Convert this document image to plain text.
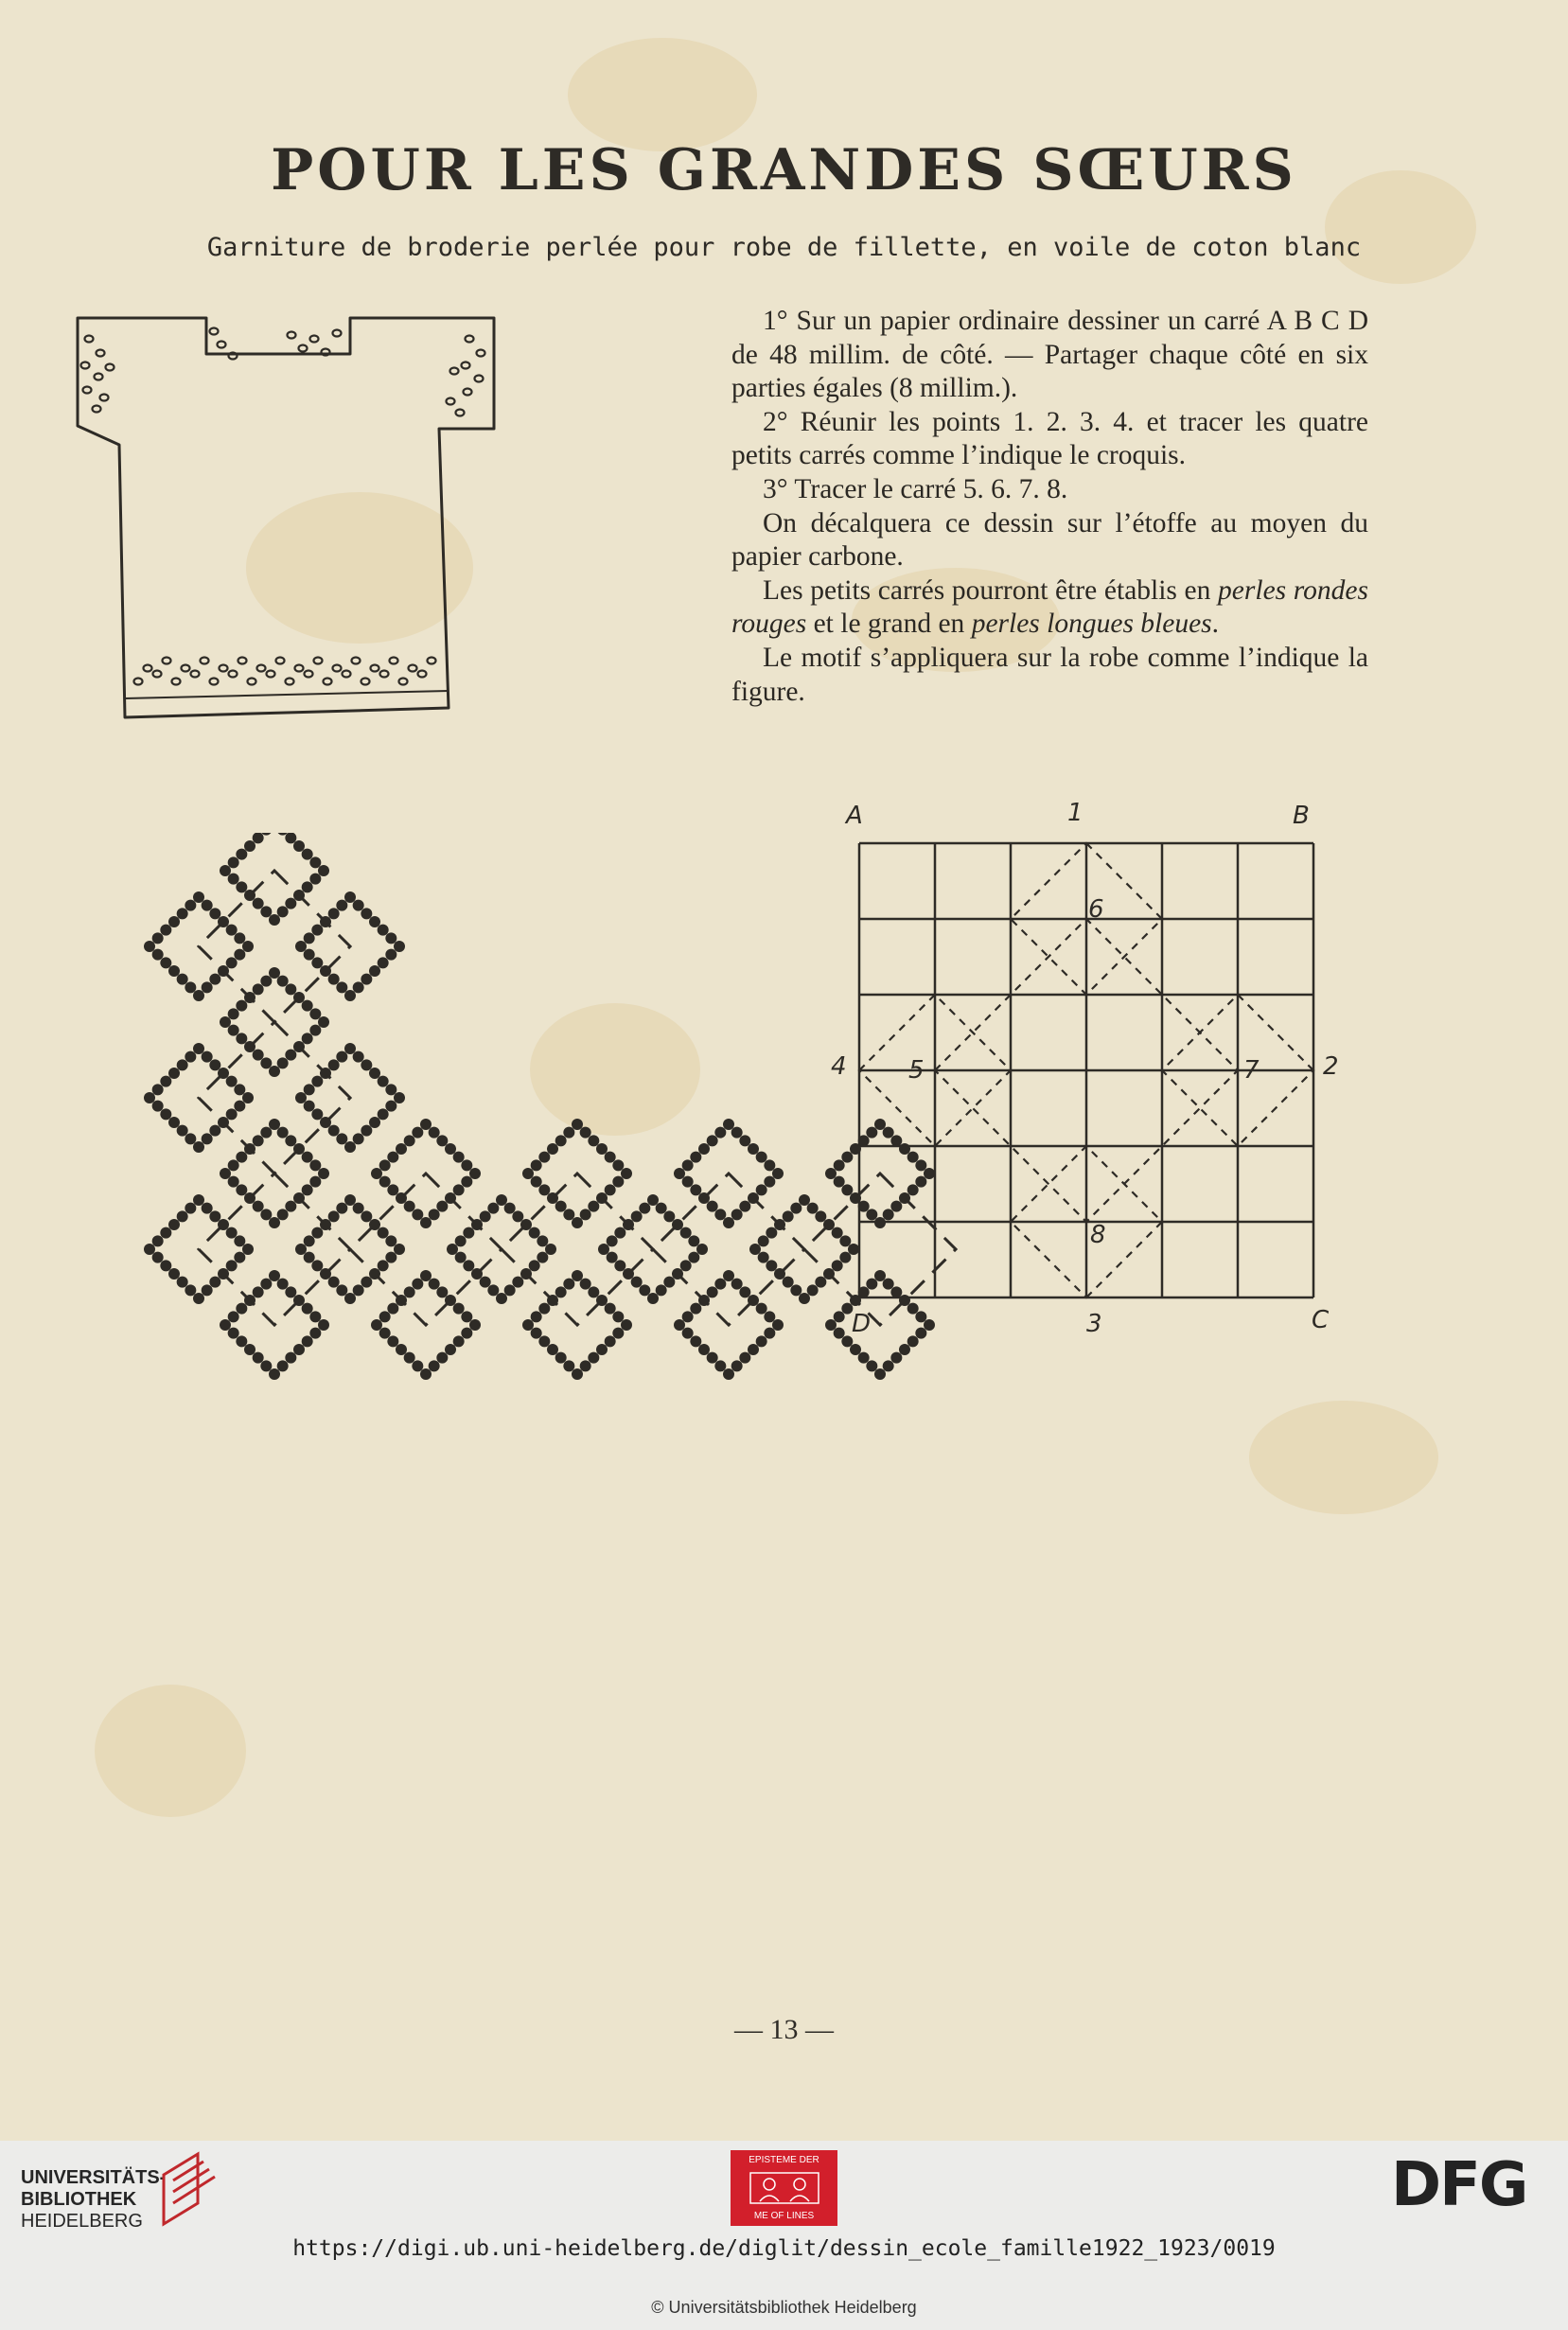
POUR LES GRANDES SŒURS

Garniture de broderie perlée pour robe de fillette, en voile de coton blanc

1° Sur un papier ordinaire dessiner un carré A B C D de 48 millim. de côté. — Partager chaque côté en six parties égales (8 millim.).

2° Réunir les points 1. 2. 3. 4. et tracer les quatre petits carrés comme l’indique le croquis.

3° Tracer le carré 5. 6. 7. 8.

On décalquera ce dessin sur l’étoffe au moyen du papier carbone.

Les petits carrés pourront être établis en perles rondes rouges et le grand en perles longues bleues.

Le motif s’appliquera sur la robe comme l’indique la figure.

A	1	B
4	2
D	3	C
5
6
7
8

— 13 —

UNIVERSITÄTS-
BIBLIOTHEK
HEIDELBERG
EPISTEME DER
ME OF LINES	DFG
https://digi.ub.uni-heidelberg.de/diglit/dessin_ecole_famille1922_1923/0019
© Universitätsbibliothek Heidelberg
